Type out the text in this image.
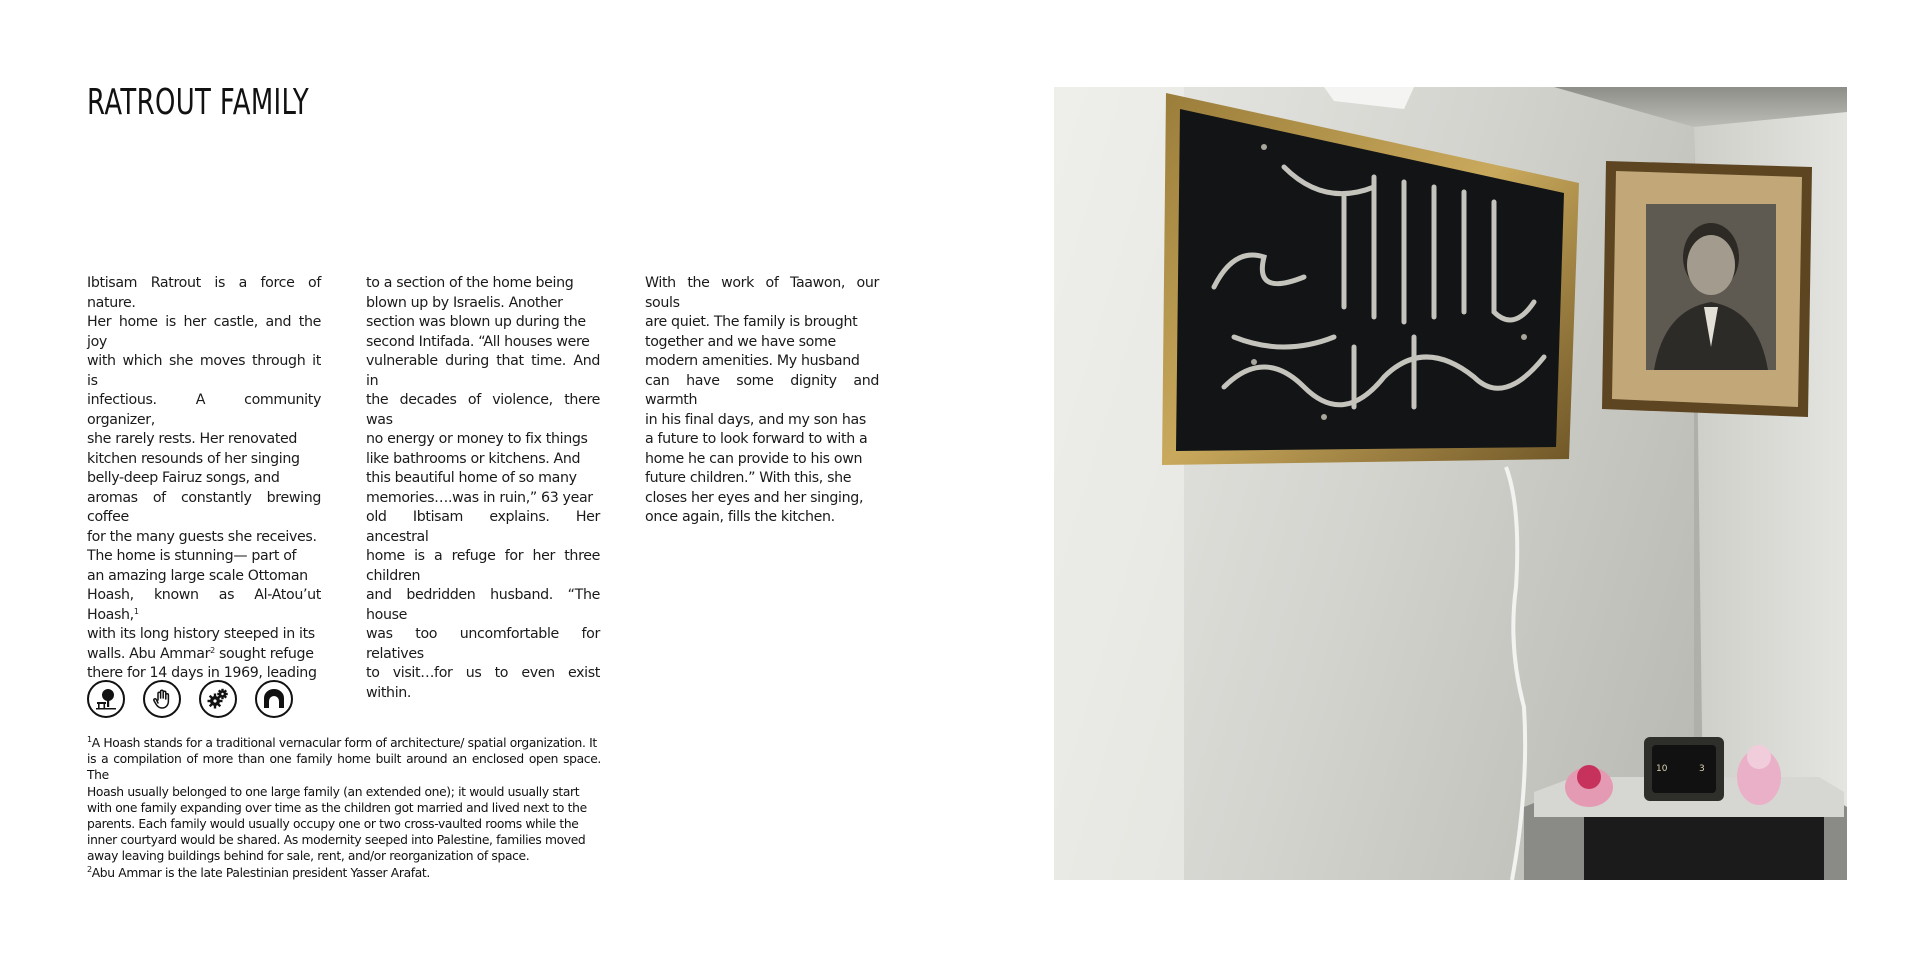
RATROUT FAMILY
Ibtisam Ratrout is a force of nature.
Her home is her castle, and the joy
with which she moves through it is
infectious. A community organizer,
she rarely rests. Her renovated
kitchen resounds of her singing
belly-deep Fairuz songs, and
aromas of constantly brewing coffee
for the many guests she receives.
The home is stunning— part of
an amazing large scale Ottoman
Hoash, known as Al-Atou’ut Hoash,$^1$
with its long history steeped in its
walls. Abu Ammar$^2$ sought refuge
there for 14 days in 1969, leading
to a section of the home being
blown up by Israelis. Another
section was blown up during the
second Intifada. “All houses were
vulnerable during that time. And in
the decades of violence, there was
no energy or money to fix things
like bathrooms or kitchens. And
this beautiful home of so many
memories….was in ruin,” 63 year
old Ibtisam explains. Her ancestral
home is a refuge for her three children
and bedridden husband. “The house
was too uncomfortable for relatives
to visit…for us to even exist within.
With the work of Taawon, our souls
are quiet. The family is brought
together and we have some
modern amenities. My husband
can have some dignity and warmth
in his final days, and my son has
a future to look forward to with a
home he can provide to his own
future children.” With this, she
closes her eyes and her singing,
once again, fills the kitchen.
$^1$A Hoash stands for a traditional vernacular form of architecture/ spatial organization. It
is a compilation of more than one family home built around an enclosed open space. The
Hoash usually belonged to one large family (an extended one); it would usually start
with one family expanding over time as the children got married and lived next to the
parents. Each family would usually occupy one or two cross-vaulted rooms while the
inner courtyard would be shared. As modernity seeped into Palestine, families moved
away leaving buildings behind for sale, rent, and/or reorganization of space.
$^2$Abu Ammar is the late Palestinian president Yasser Arafat.
10	3
